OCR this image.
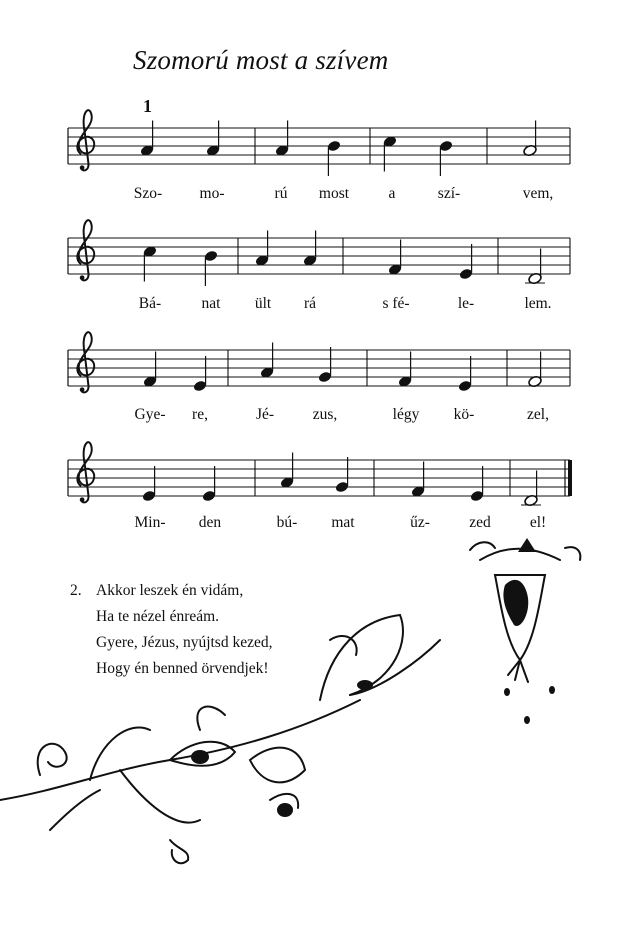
Szomorú most a szívem
1
Szo- mo-	rú most	a	szí-	vem,
Bá-	nat ült rá	s fé-	le-	lem.
Gye- re,	Jé- zus,	légy kö-	zel,
Min- den	bú- mat	űz-	zed	el!
2. Akkor leszek én vidám,
Ha te nézel énreám.
Gyere, Jézus, nyújtsd kezed,
Hogy én benned örvendjek!
